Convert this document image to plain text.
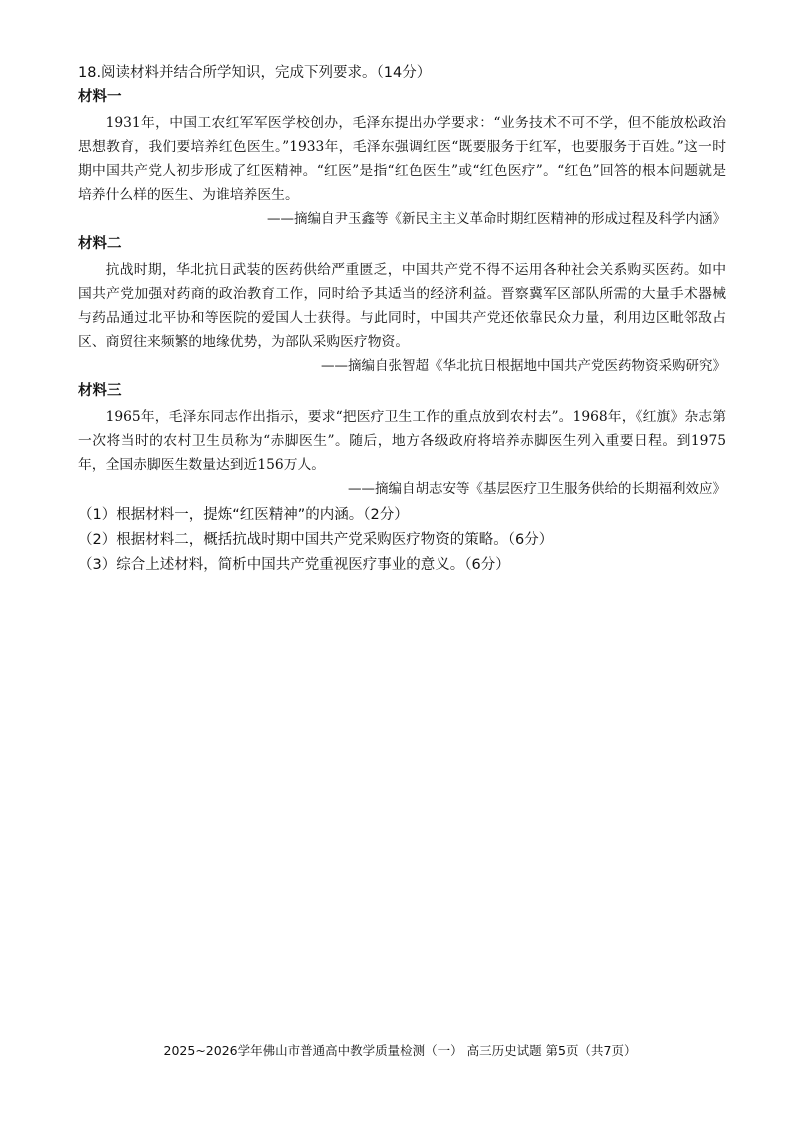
18.阅读材料并结合所学知识，完成下列要求。（14分）

材料一

1931年，中国工农红军军医学校创办，毛泽东提出办学要求：“业务技术不可不学，但不能放松政治思想教育，我们要培养红色医生。”1933年，毛泽东强调红医“既要服务于红军，也要服务于百姓。”这一时期中国共产党人初步形成了红医精神。“红医”是指“红色医生”或“红色医疗”。“红色”回答的根本问题就是培养什么样的医生、为谁培养医生。

——摘编自尹玉鑫等《新民主主义革命时期红医精神的形成过程及科学内涵》

材料二

抗战时期，华北抗日武装的医药供给严重匮乏，中国共产党不得不运用各种社会关系购买医药。如中国共产党加强对药商的政治教育工作，同时给予其适当的经济利益。晋察冀军区部队所需的大量手术器械与药品通过北平协和等医院的爱国人士获得。与此同时，中国共产党还依靠民众力量，利用边区毗邻敌占区、商贸往来频繁的地缘优势，为部队采购医疗物资。

——摘编自张智超《华北抗日根据地中国共产党医药物资采购研究》

材料三

1965年，毛泽东同志作出指示，要求“把医疗卫生工作的重点放到农村去”。1968年，《红旗》杂志第一次将当时的农村卫生员称为“赤脚医生”。随后，地方各级政府将培养赤脚医生列入重要日程。到1975年，全国赤脚医生数量达到近156万人。

——摘编自胡志安等《基层医疗卫生服务供给的长期福利效应》

（1）根据材料一，提炼“红医精神”的内涵。（2分）

（2）根据材料二，概括抗战时期中国共产党采购医疗物资的策略。（6分）

（3）综合上述材料，简析中国共产党重视医疗事业的意义。（6分）

2025~2026学年佛山市普通高中教学质量检测（一） 高三历史试题 第5页（共7页）
